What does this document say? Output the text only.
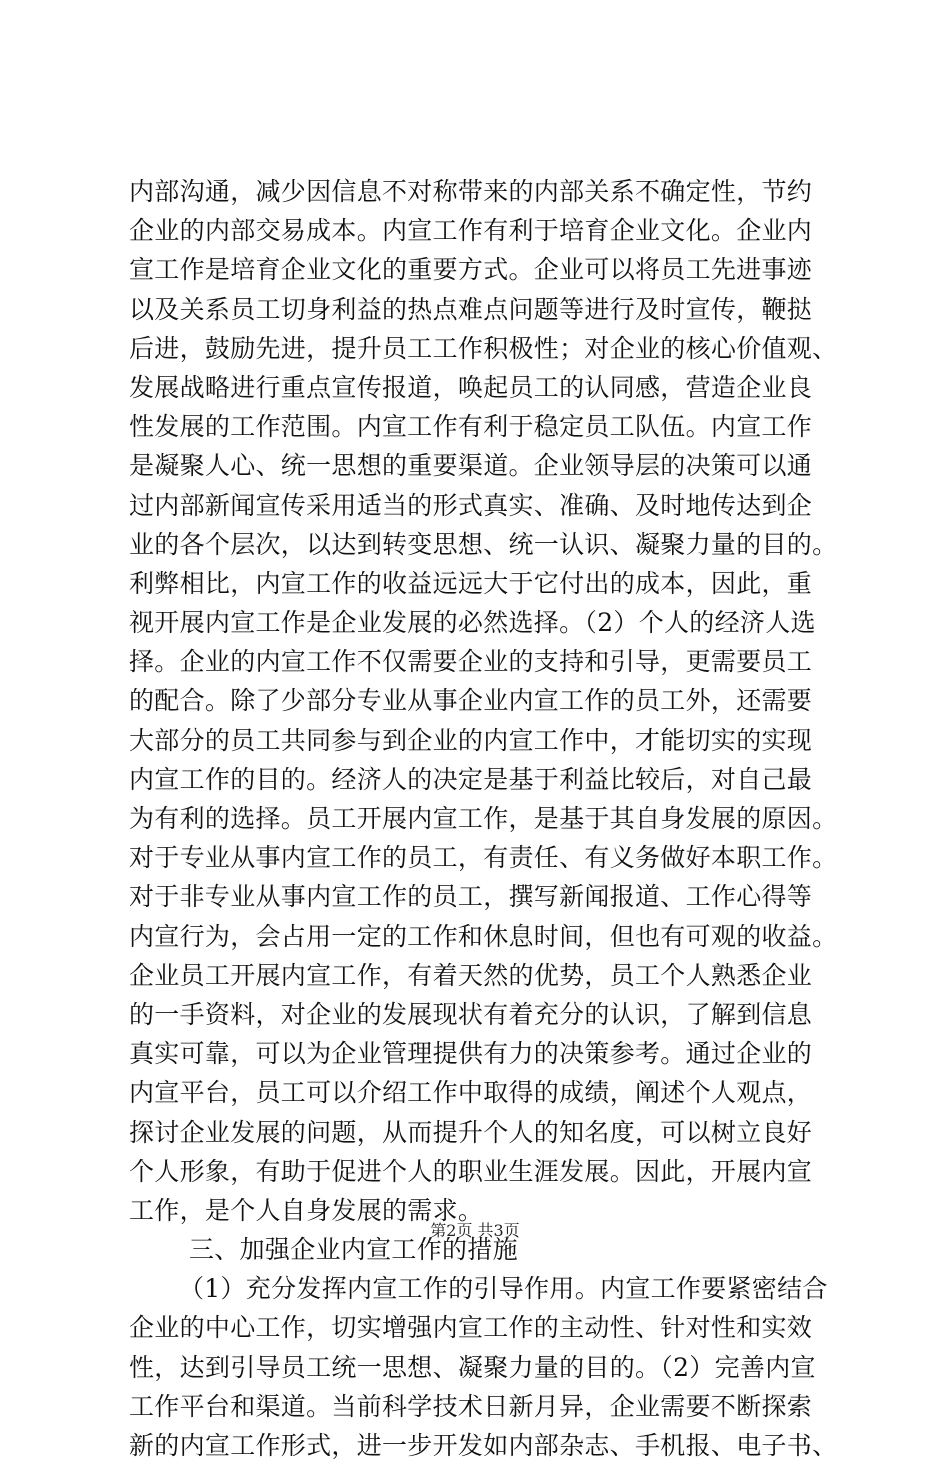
内部沟通，减少因信息不对称带来的内部关系不确定性，节约
企业的内部交易成本。内宣工作有利于培育企业文化。企业内
宣工作是培育企业文化的重要方式。企业可以将员工先进事迹
以及关系员工切身利益的热点难点问题等进行及时宣传，鞭挞
后进，鼓励先进，提升员工工作积极性；对企业的核心价值观、
发展战略进行重点宣传报道，唤起员工的认同感，营造企业良
性发展的工作范围。内宣工作有利于稳定员工队伍。内宣工作
是凝聚人心、统一思想的重要渠道。企业领导层的决策可以通
过内部新闻宣传采用适当的形式真实、准确、及时地传达到企
业的各个层次，以达到转变思想、统一认识、凝聚力量的目的。
利弊相比，内宣工作的收益远远大于它付出的成本，因此，重
视开展内宣工作是企业发展的必然选择。（2）个人的经济人选
择。企业的内宣工作不仅需要企业的支持和引导，更需要员工
的配合。除了少部分专业从事企业内宣工作的员工外，还需要
大部分的员工共同参与到企业的内宣工作中，才能切实的实现
内宣工作的目的。经济人的决定是基于利益比较后，对自己最
为有利的选择。员工开展内宣工作，是基于其自身发展的原因。
对于专业从事内宣工作的员工，有责任、有义务做好本职工作。
对于非专业从事内宣工作的员工，撰写新闻报道、工作心得等
内宣行为，会占用一定的工作和休息时间，但也有可观的收益。
企业员工开展内宣工作，有着天然的优势，员工个人熟悉企业
的一手资料，对企业的发展现状有着充分的认识，了解到信息
真实可靠，可以为企业管理提供有力的决策参考。通过企业的
内宣平台，员工可以介绍工作中取得的成绩，阐述个人观点，
探讨企业发展的问题，从而提升个人的知名度，可以树立良好
个人形象，有助于促进个人的职业生涯发展。因此，开展内宣
工作，是个人自身发展的需求。
三、加强企业内宣工作的措施
（1）充分发挥内宣工作的引导作用。内宣工作要紧密结合
企业的中心工作，切实增强内宣工作的主动性、针对性和实效
性，达到引导员工统一思想、凝聚力量的目的。（2）完善内宣
工作平台和渠道。当前科学技术日新月异，企业需要不断探索
新的内宣工作形式，进一步开发如内部杂志、手机报、电子书、
第2页 共3页
